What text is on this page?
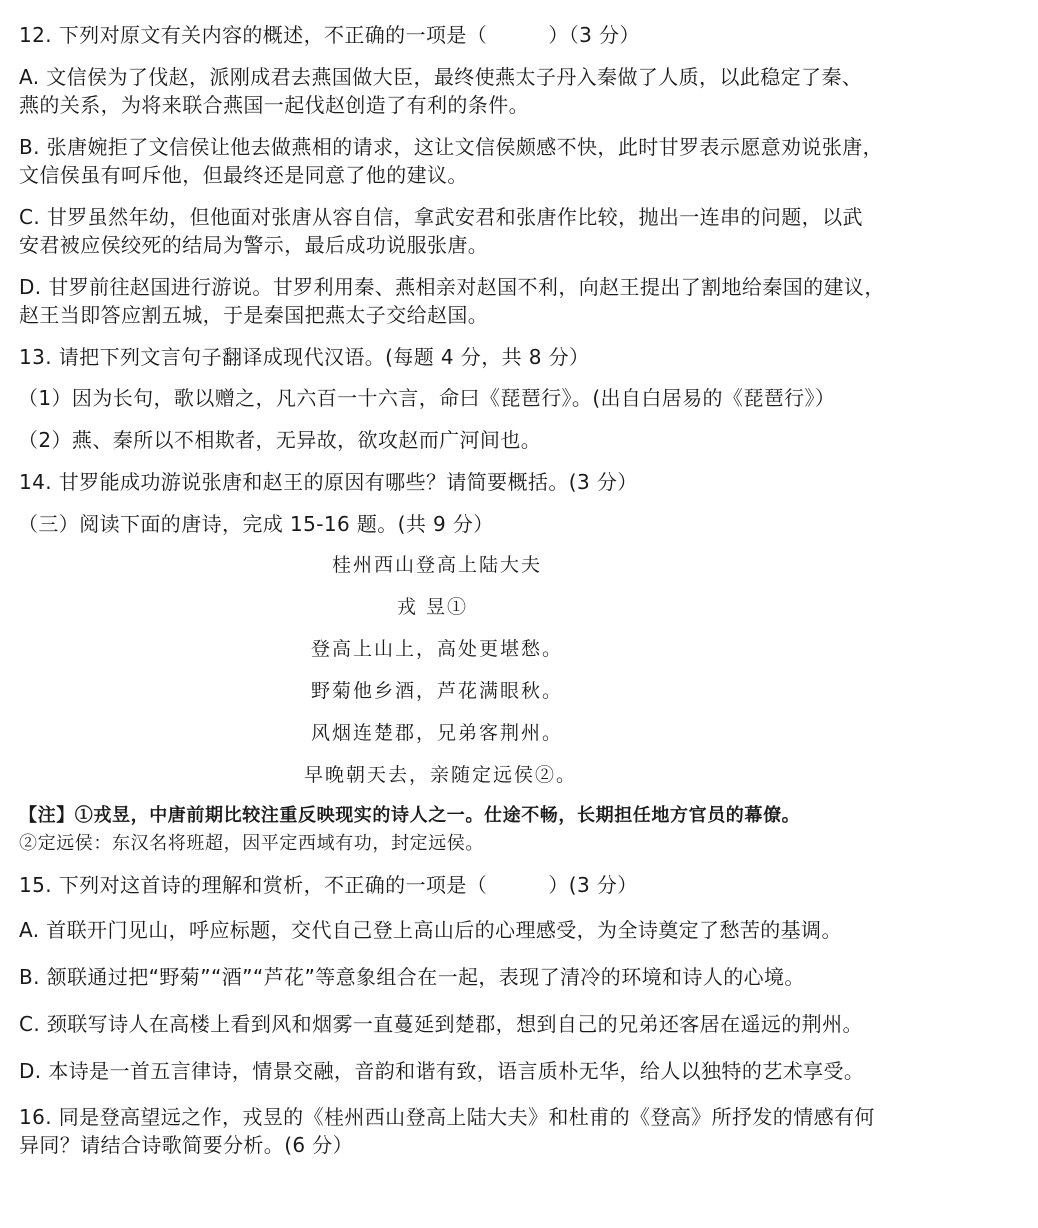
12. 下列对原文有关内容的概述，不正确的一项是（　　　）（3 分）
A. 文信侯为了伐赵，派刚成君去燕国做大臣，最终使燕太子丹入秦做了人质，以此稳定了秦、
燕的关系，为将来联合燕国一起伐赵创造了有利的条件。
B. 张唐婉拒了文信侯让他去做燕相的请求，这让文信侯颇感不快，此时甘罗表示愿意劝说张唐，
文信侯虽有呵斥他，但最终还是同意了他的建议。
C. 甘罗虽然年幼，但他面对张唐从容自信，拿武安君和张唐作比较，抛出一连串的问题，以武
安君被应侯绞死的结局为警示，最后成功说服张唐。
D. 甘罗前往赵国进行游说。甘罗利用秦、燕相亲对赵国不利，向赵王提出了割地给秦国的建议，
赵王当即答应割五城，于是秦国把燕太子交给赵国。
13. 请把下列文言句子翻译成现代汉语。(每题 4 分，共 8 分）
（1）因为长句，歌以赠之，凡六百一十六言，命曰《琵琶行》。(出自白居易的《琵琶行》）
（2）燕、秦所以不相欺者，无异故，欲攻赵而广河间也。
14. 甘罗能成功游说张唐和赵王的原因有哪些？请简要概括。(3 分）
（三）阅读下面的唐诗，完成 15-16 题。(共 9 分）
桂州西山登高上陆大夫
戎 昱①
登高上山上，高处更堪愁。
野菊他乡酒，芦花满眼秋。
风烟连楚郡，兄弟客荆州。
早晚朝天去，亲随定远侯②。
【注】①戎昱，中唐前期比较注重反映现实的诗人之一。仕途不畅，长期担任地方官员的幕僚。
②定远侯：东汉名将班超，因平定西域有功，封定远侯。
15. 下列对这首诗的理解和赏析，不正确的一项是（　　　）(3 分）
A. 首联开门见山，呼应标题，交代自己登上高山后的心理感受，为全诗奠定了愁苦的基调。
B. 颔联通过把“野菊”“酒”“芦花”等意象组合在一起，表现了清冷的环境和诗人的心境。
C. 颈联写诗人在高楼上看到风和烟雾一直蔓延到楚郡，想到自己的兄弟还客居在遥远的荆州。
D. 本诗是一首五言律诗，情景交融，音韵和谐有致，语言质朴无华，给人以独特的艺术享受。
16. 同是登高望远之作，戎昱的《桂州西山登高上陆大夫》和杜甫的《登高》所抒发的情感有何
异同？请结合诗歌简要分析。(6 分）
